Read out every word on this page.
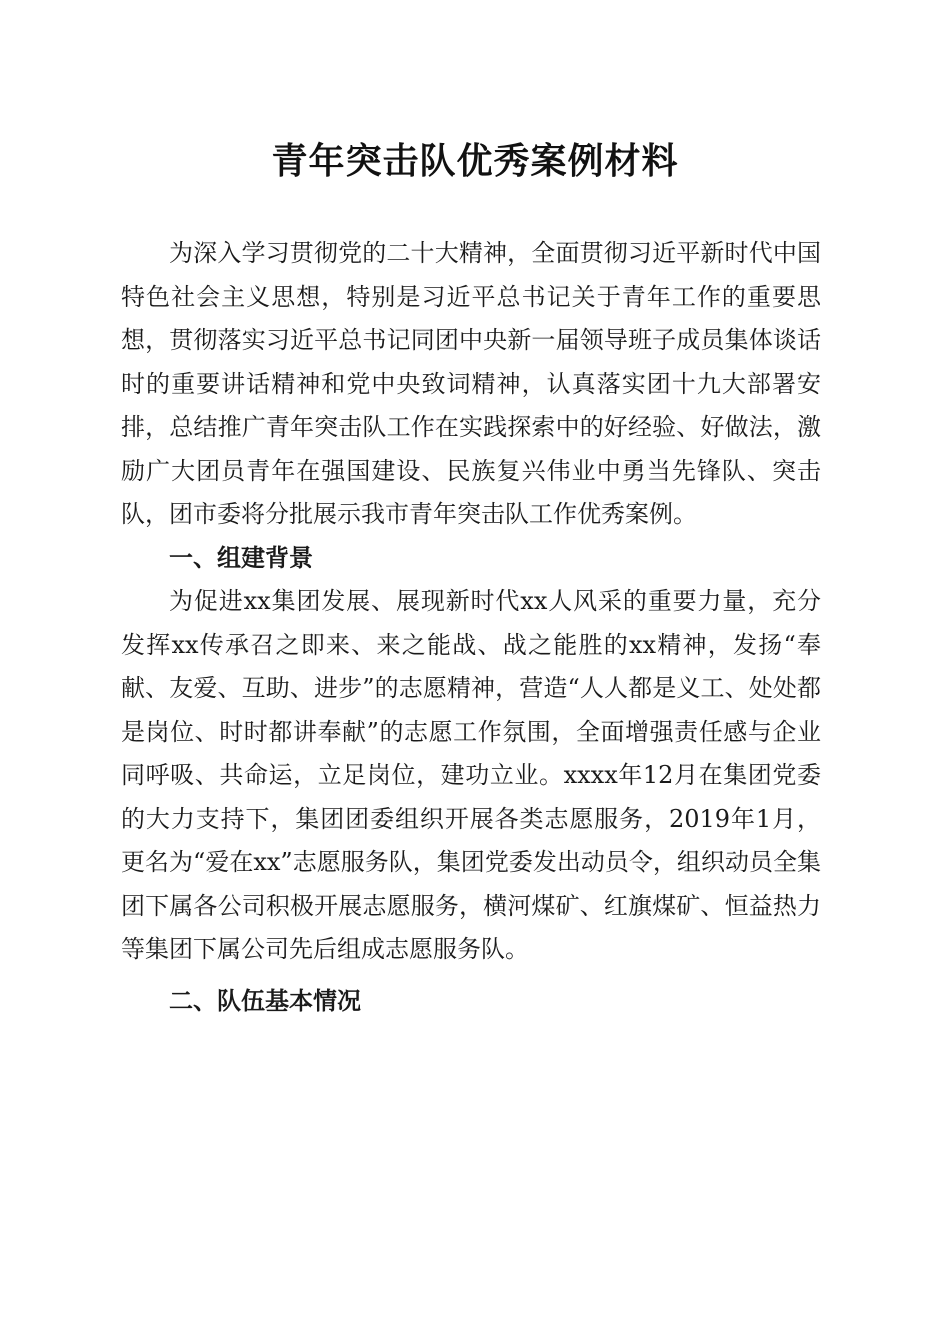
青年突击队优秀案例材料

为深入学习贯彻党的二十大精神，全面贯彻习近平新时代中国特色社会主义思想，特别是习近平总书记关于青年工作的重要思想，贯彻落实习近平总书记同团中央新一届领导班子成员集体谈话时的重要讲话精神和党中央致词精神，认真落实团十九大部署安排，总结推广青年突击队工作在实践探索中的好经验、好做法，激励广大团员青年在强国建设、民族复兴伟业中勇当先锋队、突击队，团市委将分批展示我市青年突击队工作优秀案例。

一、组建背景

为促进xx集团发展、展现新时代xx人风采的重要力量，充分发挥xx传承召之即来、来之能战、战之能胜的xx精神，发扬“奉献、友爱、互助、进步”的志愿精神，营造“人人都是义工、处处都是岗位、时时都讲奉献”的志愿工作氛围，全面增强责任感与企业同呼吸、共命运，立足岗位，建功立业。xxxx年12月在集团党委的大力支持下，集团团委组织开展各类志愿服务，2019年1月，更名为“爱在xx”志愿服务队，集团党委发出动员令，组织动员全集团下属各公司积极开展志愿服务，横河煤矿、红旗煤矿、恒益热力等集团下属公司先后组成志愿服务队。

二、队伍基本情况
